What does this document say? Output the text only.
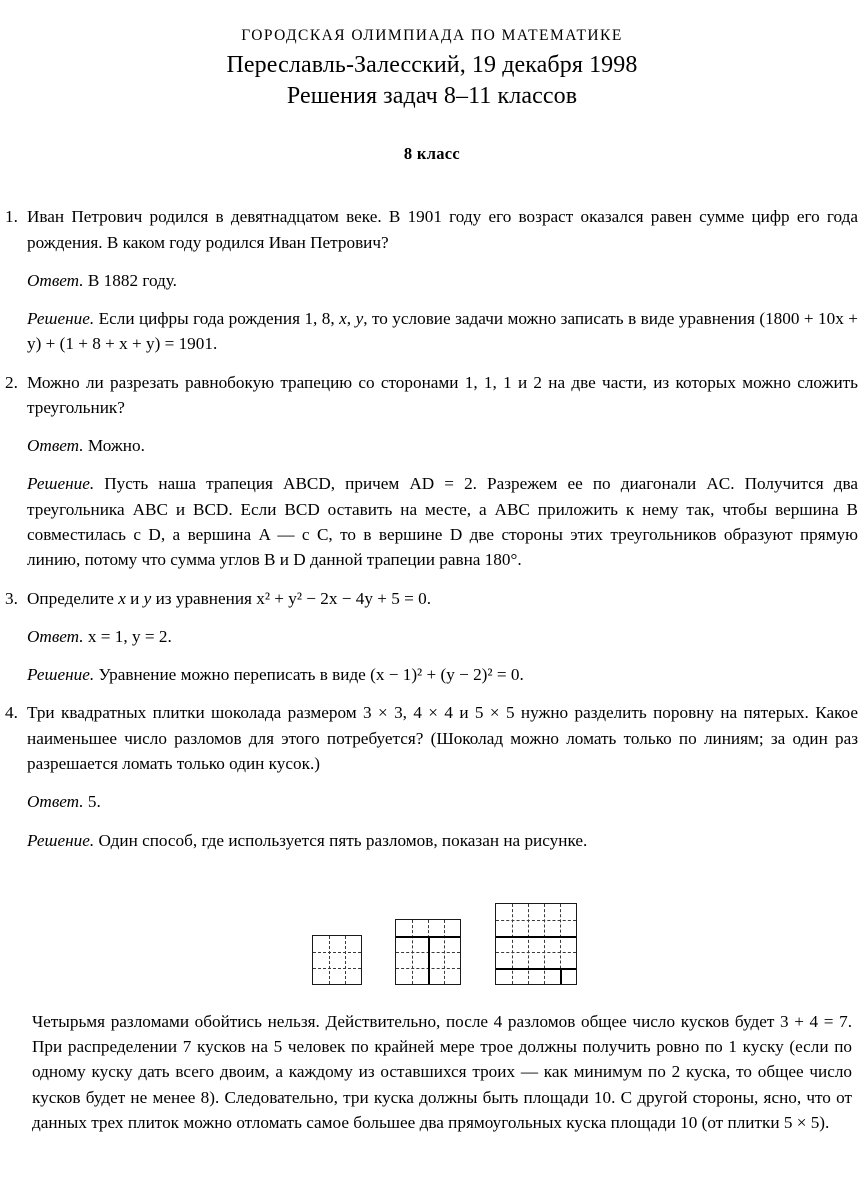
ГОРОДСКАЯ ОЛИМПИАДА ПО МАТЕМАТИКЕ
Переславль-Залесский, 19 декабря 1998
Решения задач 8–11 классов
8 класс
1. Иван Петрович родился в девятнадцатом веке. В 1901 году его возраст оказался равен сумме цифр его года рождения. В каком году родился Иван Петрович?

Ответ. В 1882 году.

Решение. Если цифры года рождения 1, 8, x, y, то условие задачи можно записать в виде уравнения (1800 + 10x + y) + (1 + 8 + x + y) = 1901.

2. Можно ли разрезать равнобокую трапецию со сторонами 1, 1, 1 и 2 на две части, из которых можно сложить треугольник?

Ответ. Можно.

Решение. Пусть наша трапеция ABCD, причем AD = 2. Разрежем ее по диагонали AC. Получится два треугольника ABC и BCD. Если BCD оставить на месте, а ABC приложить к нему так, чтобы вершина B совместилась с D, а вершина A — с C, то в вершине D две стороны этих треугольников образуют прямую линию, потому что сумма углов B и D данной трапеции равна 180°.

3. Определите x и y из уравнения x² + y² − 2x − 4y + 5 = 0.

Ответ. x = 1, y = 2.

Решение. Уравнение можно переписать в виде (x − 1)² + (y − 2)² = 0.

4. Три квадратных плитки шоколада размером 3 × 3, 4 × 4 и 5 × 5 нужно разделить поровну на пятерых. Какое наименьшее число разломов для этого потребуется? (Шоколад можно ломать только по линиям; за один раз разрешается ломать только один кусок.)

Ответ. 5.

Решение. Один способ, где используется пять разломов, показан на рисунке.

Четырьмя разломами обойтись нельзя. Действительно, после 4 разломов общее число кусков будет 3 + 4 = 7. При распределении 7 кусков на 5 человек по крайней мере трое должны получить ровно по 1 куску (если по одному куску дать всего двоим, а каждому из оставшихся троих — как минимум по 2 куска, то общее число кусков будет не менее 8). Следовательно, три куска должны быть площади 10. С другой стороны, ясно, что от данных трех плиток можно отломать самое большее два прямоугольных куска площади 10 (от плитки 5 × 5).
